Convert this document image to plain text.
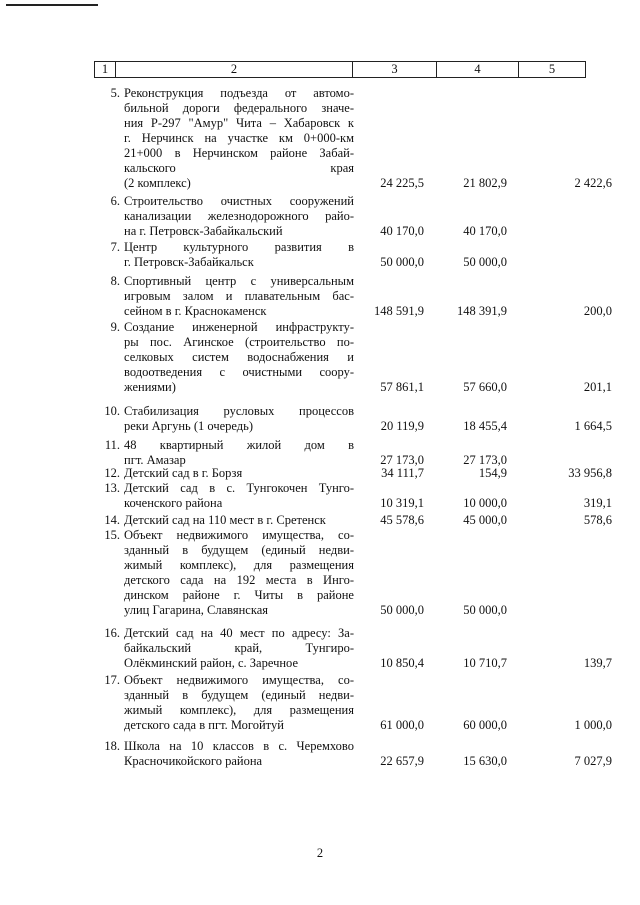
1	2	3	4	5
5. Реконструкция подъезда от автомо-
бильной дороги федерального значе-
ния Р-297 "Амур" Чита – Хабаровск к
г. Нерчинск на участке км 0+000-км
21+000 в Нерчинском районе Забай-
кальского края
(2 комплекс)	24 225,5	21 802,9	2 422,6
6. Строительство очистных сооружений
канализации железнодорожного райо-
на г. Петровск-Забайкальский	40 170,0	40 170,0
7. Центр культурного развития в
г. Петровск-Забайкальск	50 000,0	50 000,0
8. Спортивный центр с универсальным
игровым залом и плавательным бас-
сейном в г. Краснокаменск	148 591,9	148 391,9	200,0
9. Создание инженерной инфраструкту-
ры пос. Агинское (строительство по-
селковых систем водоснабжения и
водоотведения с очистными соору-
жениями)	57 861,1	57 660,0	201,1
10. Стабилизация русловых процессов
реки Аргунь (1 очередь)	20 119,9	18 455,4	1 664,5
11. 48 квартирный жилой дом в
пгт. Амазар	27 173,0	27 173,0
12. Детский сад в г. Борзя	34 111,7	154,9	33 956,8
13. Детский сад в с. Тунгокочен Тунго-
коченского района	10 319,1	10 000,0	319,1
14. Детский сад на 110 мест в г. Сретенск	45 578,6	45 000,0	578,6
15. Объект недвижимого имущества, со-
зданный в будущем (единый недви-
жимый комплекс), для размещения
детского сада на 192 места в Инго-
динском районе г. Читы в районе
улиц Гагарина, Славянская	50 000,0	50 000,0
16. Детский сад на 40 мест по адресу: За-
байкальский край, Тунгиро-
Олёкминский район, с. Заречное	10 850,4	10 710,7	139,7
17. Объект недвижимого имущества, со-
зданный в будущем (единый недви-
жимый комплекс), для размещения
детского сада в пгт. Могойтуй	61 000,0	60 000,0	1 000,0
18. Школа на 10 классов в с. Черемхово
Красночикойского района	22 657,9	15 630,0	7 027,9
2
